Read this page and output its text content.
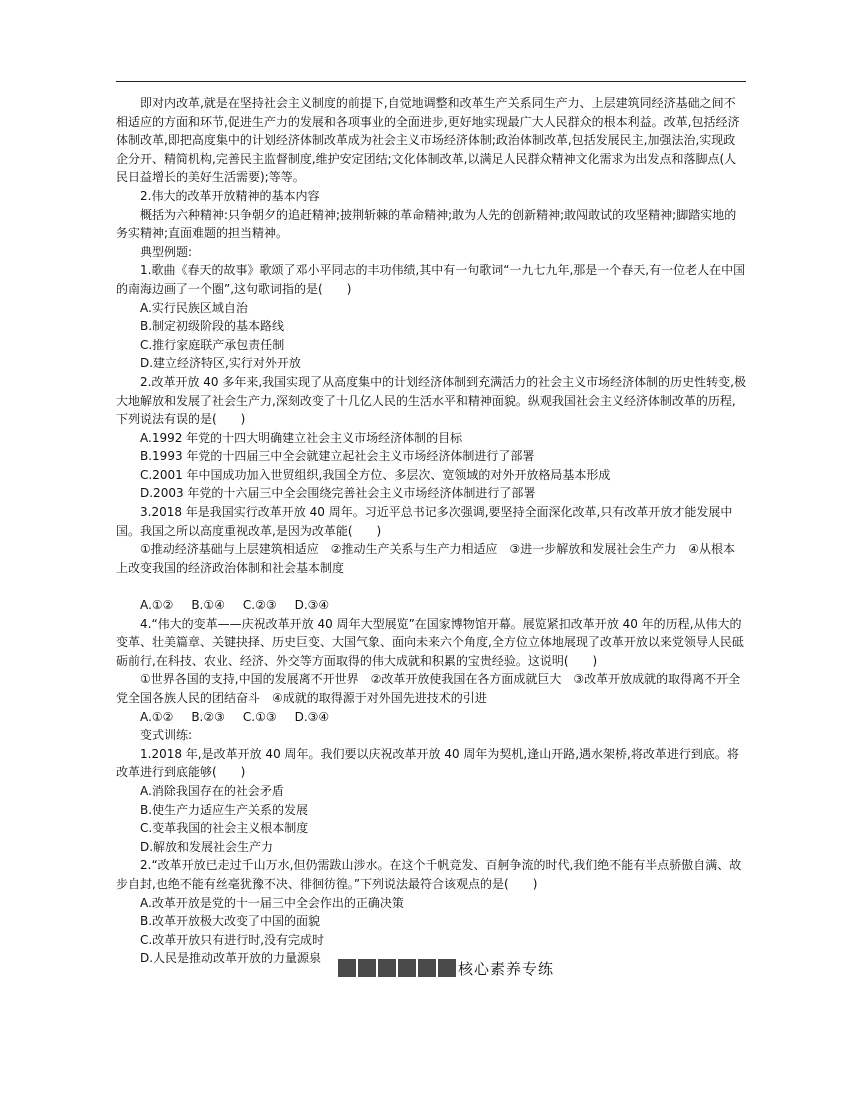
即对内改革,就是在坚持社会主义制度的前提下,自觉地调整和改革生产关系同生产力、上层建筑同经济基础之间不相适应的方面和环节,促进生产力的发展和各项事业的全面进步,更好地实现最广大人民群众的根本利益。改革,包括经济体制改革,即把高度集中的计划经济体制改革成为社会主义市场经济体制;政治体制改革,包括发展民主,加强法治,实现政企分开、精简机构,完善民主监督制度,维护安定团结;文化体制改革,以满足人民群众精神文化需求为出发点和落脚点(人民日益增长的美好生活需要);等等。

2.伟大的改革开放精神的基本内容

概括为六种精神:只争朝夕的追赶精神;披荆斩棘的革命精神;敢为人先的创新精神;敢闯敢试的攻坚精神;脚踏实地的务实精神;直面难题的担当精神。

典型例题:

1.歌曲《春天的故事》歌颂了邓小平同志的丰功伟绩,其中有一句歌词“一九七九年,那是一个春天,有一位老人在中国的南海边画了一个圈”,这句歌词指的是(　　)

A.实行民族区域自治

B.制定初级阶段的基本路线

C.推行家庭联产承包责任制

D.建立经济特区,实行对外开放

2.改革开放 40 多年来,我国实现了从高度集中的计划经济体制到充满活力的社会主义市场经济体制的历史性转变,极大地解放和发展了社会生产力,深刻改变了十几亿人民的生活水平和精神面貌。纵观我国社会主义经济体制改革的历程,下列说法有误的是(　　)

A.1992 年党的十四大明确建立社会主义市场经济体制的目标

B.1993 年党的十四届三中全会就建立起社会主义市场经济体制进行了部署

C.2001 年中国成功加入世贸组织,我国全方位、多层次、宽领域的对外开放格局基本形成

D.2003 年党的十六届三中全会围绕完善社会主义市场经济体制进行了部署

3.2018 年是我国实行改革开放 40 周年。习近平总书记多次强调,要坚持全面深化改革,只有改革开放才能发展中国。我国之所以高度重视改革,是因为改革能(　　)

①推动经济基础与上层建筑相适应　②推动生产关系与生产力相适应　③进一步解放和发展社会生产力　④从根本上改变我国的经济政治体制和社会基本制度

A.①② B.①④ C.②③ D.③④

4.“伟大的变革——庆祝改革开放 40 周年大型展览”在国家博物馆开幕。展览紧扣改革开放 40 年的历程,从伟大的变革、壮美篇章、关键抉择、历史巨变、大国气象、面向未来六个角度,全方位立体地展现了改革开放以来党领导人民砥砺前行,在科技、农业、经济、外交等方面取得的伟大成就和积累的宝贵经验。这说明(　　)

①世界各国的支持,中国的发展离不开世界　②改革开放使我国在各方面成就巨大　③改革开放成就的取得离不开全党全国各族人民的团结奋斗　④成就的取得源于对外国先进技术的引进

A.①② B.②③ C.①③ D.③④

变式训练:

1.2018 年,是改革开放 40 周年。我们要以庆祝改革开放 40 周年为契机,逢山开路,遇水架桥,将改革进行到底。将改革进行到底能够(　　)

A.消除我国存在的社会矛盾

B.使生产力适应生产关系的发展

C.变革我国的社会主义根本制度

D.解放和发展社会生产力

2.“改革开放已走过千山万水,但仍需跋山涉水。在这个千帆竞发、百舸争流的时代,我们绝不能有半点骄傲自满、故步自封,也绝不能有丝毫犹豫不决、徘徊彷徨。”下列说法最符合该观点的是(　　)

A.改革开放是党的十一届三中全会作出的正确决策

B.改革开放极大改变了中国的面貌

C.改革开放只有进行时,没有完成时

D.人民是推动改革开放的力量源泉

核心素养专练
